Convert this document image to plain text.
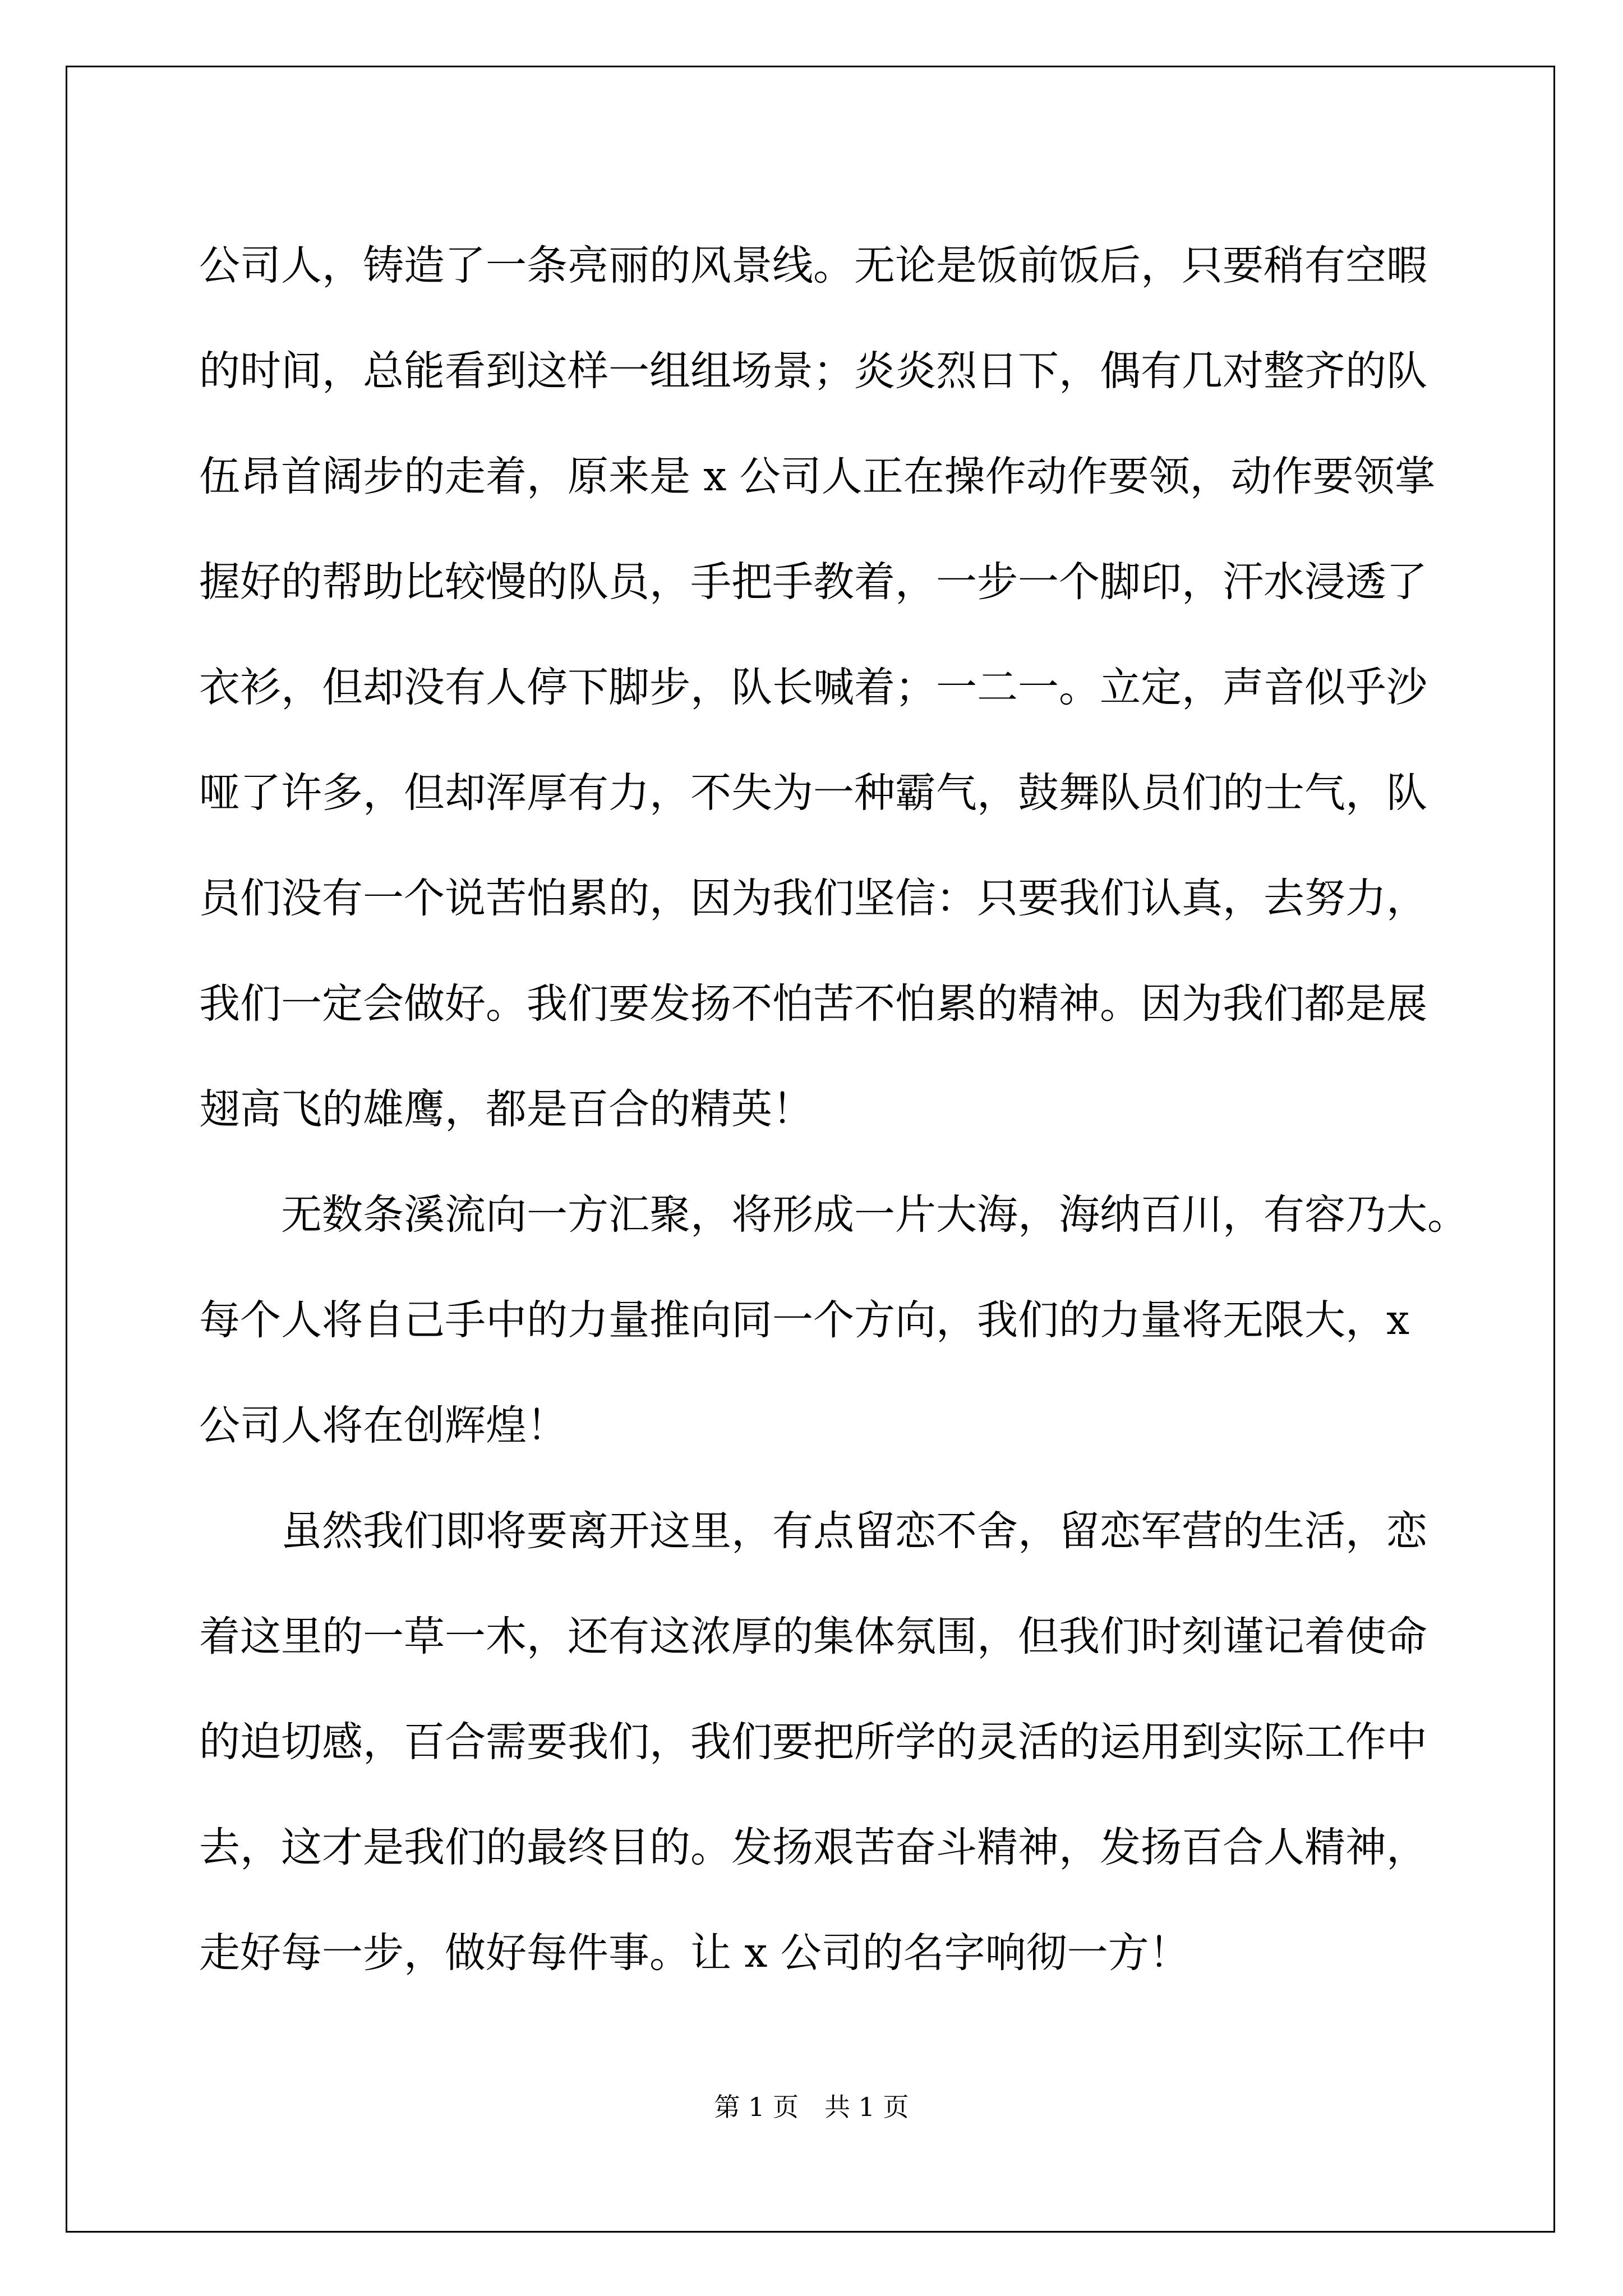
公司人，铸造了一条亮丽的风景线。无论是饭前饭后，只要稍有空暇
的时间，总能看到这样一组组场景；炎炎烈日下，偶有几对整齐的队
伍昂首阔步的走着，原来是 x 公司人正在操作动作要领，动作要领掌
握好的帮助比较慢的队员，手把手教着，一步一个脚印，汗水浸透了
衣衫，但却没有人停下脚步，队长喊着；一二一。立定，声音似乎沙
哑了许多，但却浑厚有力，不失为一种霸气，鼓舞队员们的士气，队
员们没有一个说苦怕累的，因为我们坚信：只要我们认真，去努力，
我们一定会做好。我们要发扬不怕苦不怕累的精神。因为我们都是展
翅高飞的雄鹰，都是百合的精英！
无数条溪流向一方汇聚，将形成一片大海，海纳百川，有容乃大。
每个人将自己手中的力量推向同一个方向，我们的力量将无限大，x
公司人将在创辉煌！
虽然我们即将要离开这里，有点留恋不舍，留恋军营的生活，恋
着这里的一草一木，还有这浓厚的集体氛围，但我们时刻谨记着使命
的迫切感，百合需要我们，我们要把所学的灵活的运用到实际工作中
去，这才是我们的最终目的。发扬艰苦奋斗精神，发扬百合人精神，
走好每一步，做好每件事。让 x 公司的名字响彻一方！
第 1 页　共 1 页
